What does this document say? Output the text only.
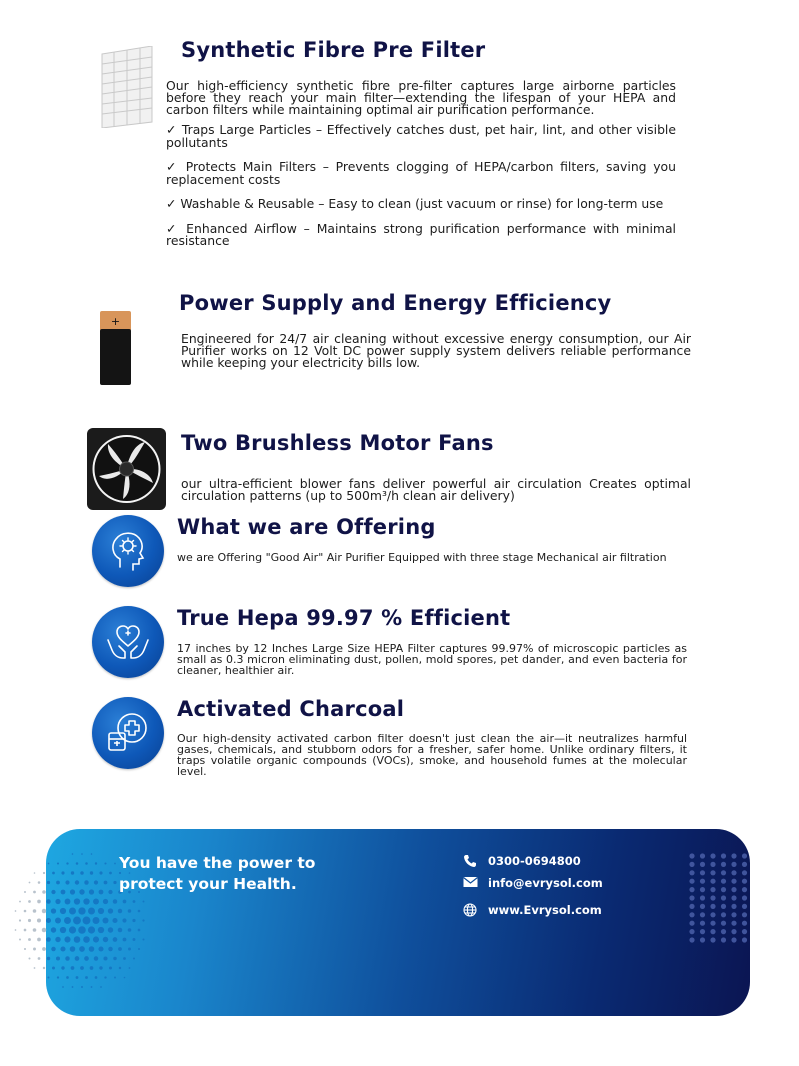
Synthetic Fibre Pre Filter

Our high-efficiency synthetic fibre pre-filter captures large airborne particles before they reach your main filter—extending the lifespan of your HEPA and carbon filters while maintaining optimal air purification performance.

✓ Traps Large Particles – Effectively catches dust, pet hair, lint, and other visible pollutants

✓ Protects Main Filters – Prevents clogging of HEPA/carbon filters, saving you replacement costs

✓ Washable & Reusable – Easy to clean (just vacuum or rinse) for long-term use

✓ Enhanced Airflow – Maintains strong purification performance with minimal resistance

+
Power Supply and Energy Efficiency

Engineered for 24/7 air cleaning without excessive energy consumption, our Air Purifier works on 12 Volt DC power supply system delivers reliable performance while keeping your electricity bills low.

Two Brushless Motor Fans

our ultra-efficient blower fans deliver powerful air circulation Creates optimal circulation patterns (up to 500m³/h clean air delivery)

What we are Offering

we are Offering "Good Air" Air Purifier Equipped with three stage Mechanical air filtration

True Hepa 99.97 % Efficient

17 inches by 12 Inches Large Size HEPA Filter captures 99.97% of microscopic particles as small as 0.3 micron eliminating dust, pollen, mold spores, pet dander, and even bacteria for cleaner, healthier air.

Activated Charcoal

Our high-density activated carbon filter doesn't just clean the air—it neutralizes harmful gases, chemicals, and stubborn odors for a fresher, safer home. Unlike ordinary filters, it traps volatile organic compounds (VOCs), smoke, and household fumes at the molecular level.

You have the power to protect your Health.

0300-0694800
info@evrysol.com
www.Evrysol.com
